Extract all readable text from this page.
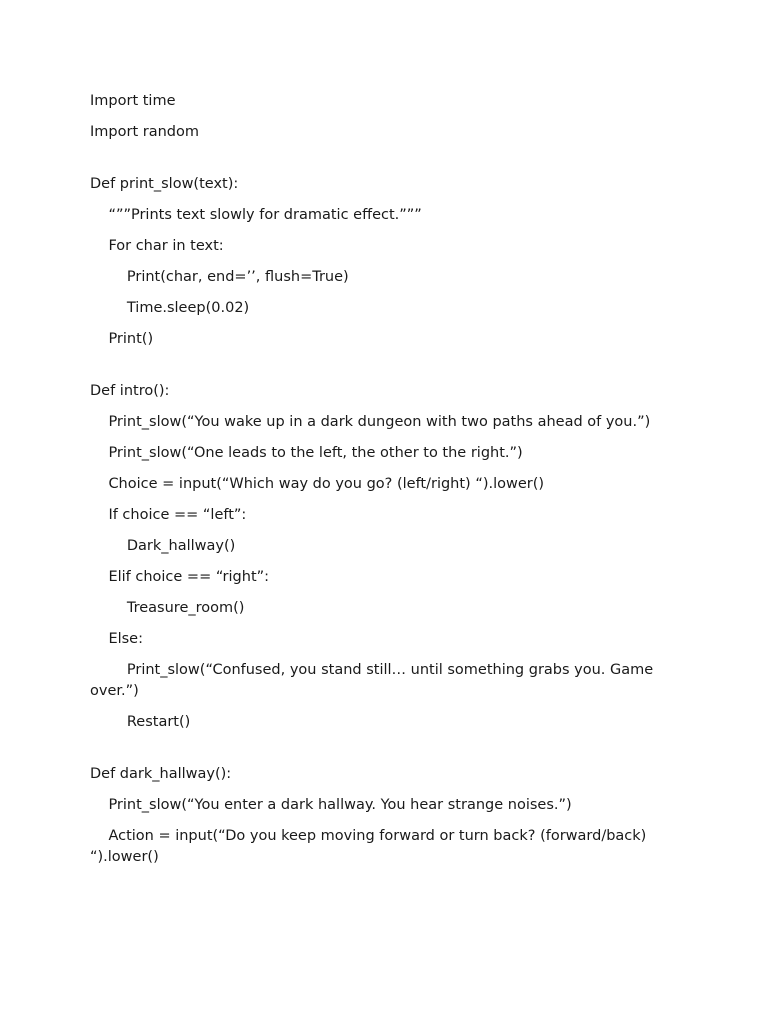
Import time

Import random

Def print_slow(text):

“””Prints text slowly for dramatic effect.”””

For char in text:

Print(char, end=’’, flush=True)

Time.sleep(0.02)

Print()

Def intro():

Print_slow(“You wake up in a dark dungeon with two paths ahead of you.”)

Print_slow(“One leads to the left, the other to the right.”)

Choice = input(“Which way do you go? (left/right) “).lower()

If choice == “left”:

Dark_hallway()

Elif choice == “right”:

Treasure_room()

Else:

Print_slow(“Confused, you stand still… until something grabs you. Game over.”)

Restart()

Def dark_hallway():

Print_slow(“You enter a dark hallway. You hear strange noises.”)

Action = input(“Do you keep moving forward or turn back? (forward/back) “).lower()
